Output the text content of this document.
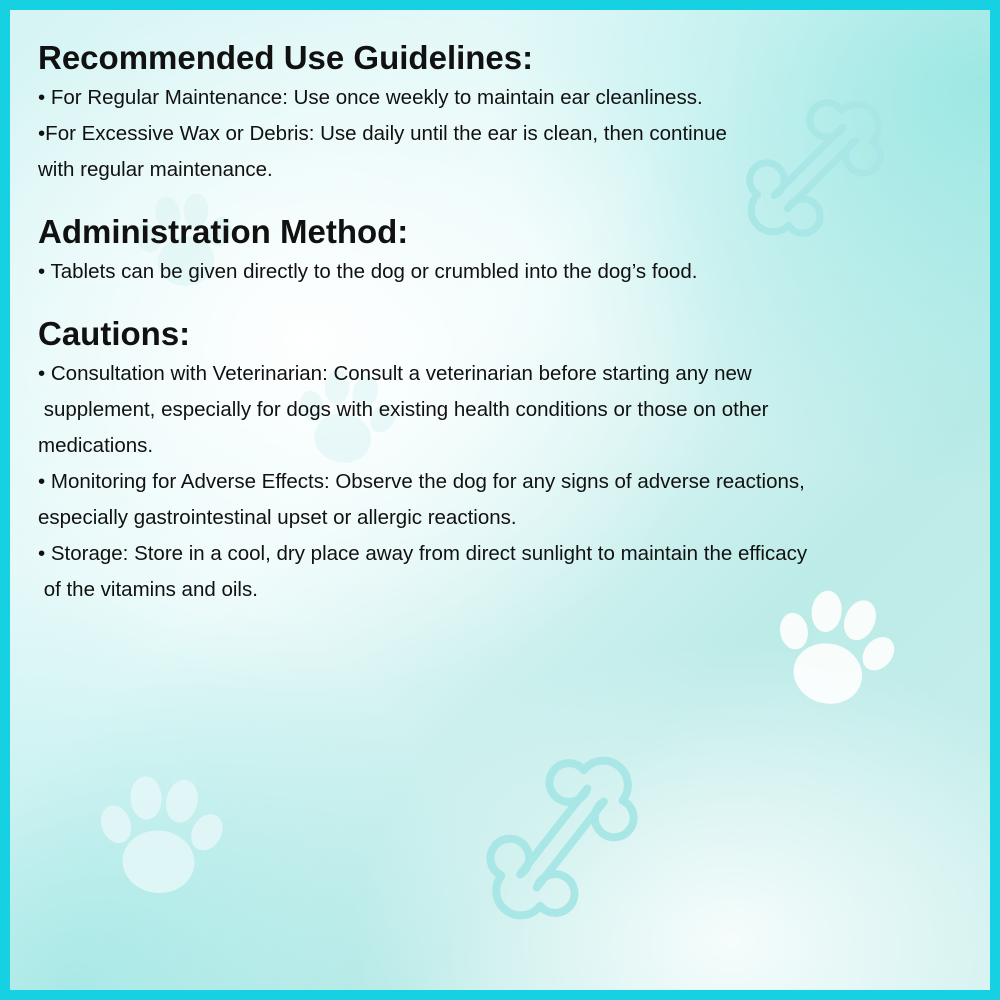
Recommended Use Guidelines:

• For Regular Maintenance: Use once weekly to maintain ear cleanliness.

•For Excessive Wax or Debris: Use daily until the ear is clean, then continue

with regular maintenance.

Administration Method:

• Tablets can be given directly to the dog or crumbled into the dog’s food.

Cautions:

• Consultation with Veterinarian: Consult a veterinarian before starting any new

supplement, especially for dogs with existing health conditions or those on other

medications.

• Monitoring for Adverse Effects: Observe the dog for any signs of adverse reactions,

especially gastrointestinal upset or allergic reactions.

• Storage: Store in a cool, dry place away from direct sunlight to maintain the efficacy

of the vitamins and oils.
